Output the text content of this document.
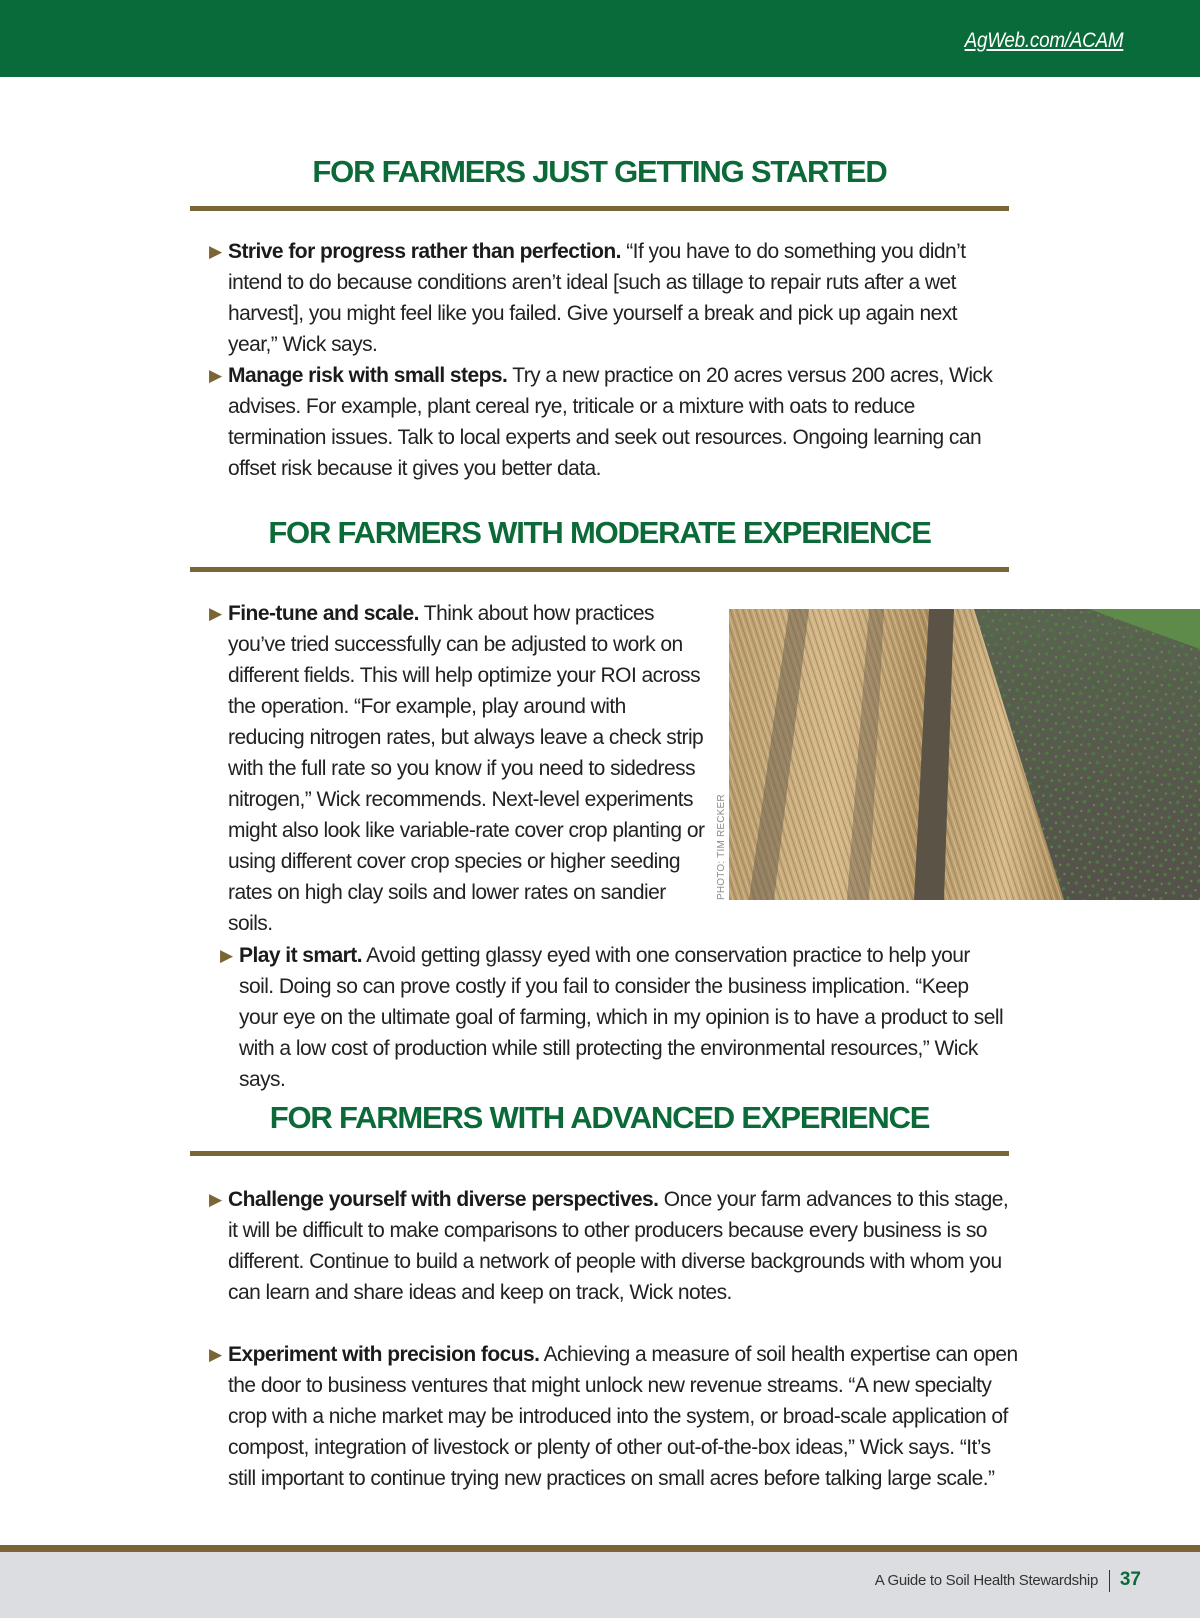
AgWeb.com/ACAM
FOR FARMERS JUST GETTING STARTED

▶ Strive for progress rather than perfection. “If you have to do something you didn’t intend to do because conditions aren’t ideal [such as tillage to repair ruts after a wet harvest], you might feel like you failed. Give yourself a break and pick up again next year,” Wick says.

▶ Manage risk with small steps. Try a new practice on 20 acres versus 200 acres, Wick advises. For example, plant cereal rye, triticale or a mixture with oats to reduce termination issues. Talk to local experts and seek out resources. Ongoing learning can offset risk because it gives you better data.

FOR FARMERS WITH MODERATE EXPERIENCE

▶ Fine-tune and scale. Think about how practices you’ve tried successfully can be adjusted to work on different fields. This will help optimize your ROI across the operation. “For example, play around with reducing nitrogen rates, but always leave a check strip with the full rate so you know if you need to sidedress nitrogen,” Wick recommends. Next-level experiments might also look like variable-rate cover crop planting or using different cover crop species or higher seeding rates on high clay soils and lower rates on sandier soils.

PHOTO: TIM RECKER

▶ Play it smart. Avoid getting glassy eyed with one conservation practice to help your soil. Doing so can prove costly if you fail to consider the business implication. “Keep your eye on the ultimate goal of farming, which in my opinion is to have a product to sell with a low cost of production while still protecting the environmental resources,” Wick says.

FOR FARMERS WITH ADVANCED EXPERIENCE

▶ Challenge yourself with diverse perspectives. Once your farm advances to this stage, it will be difficult to make comparisons to other producers because every business is so different. Continue to build a network of people with diverse backgrounds with whom you can learn and share ideas and keep on track, Wick notes.

▶ Experiment with precision focus. Achieving a measure of soil health expertise can open the door to business ventures that might unlock new revenue streams. “A new specialty crop with a niche market may be introduced into the system, or broad-scale application of compost, integration of livestock or plenty of other out-of-the-box ideas,” Wick says. “It’s still important to continue trying new practices on small acres before talking large scale.”

A Guide to Soil Health Stewardship 37
